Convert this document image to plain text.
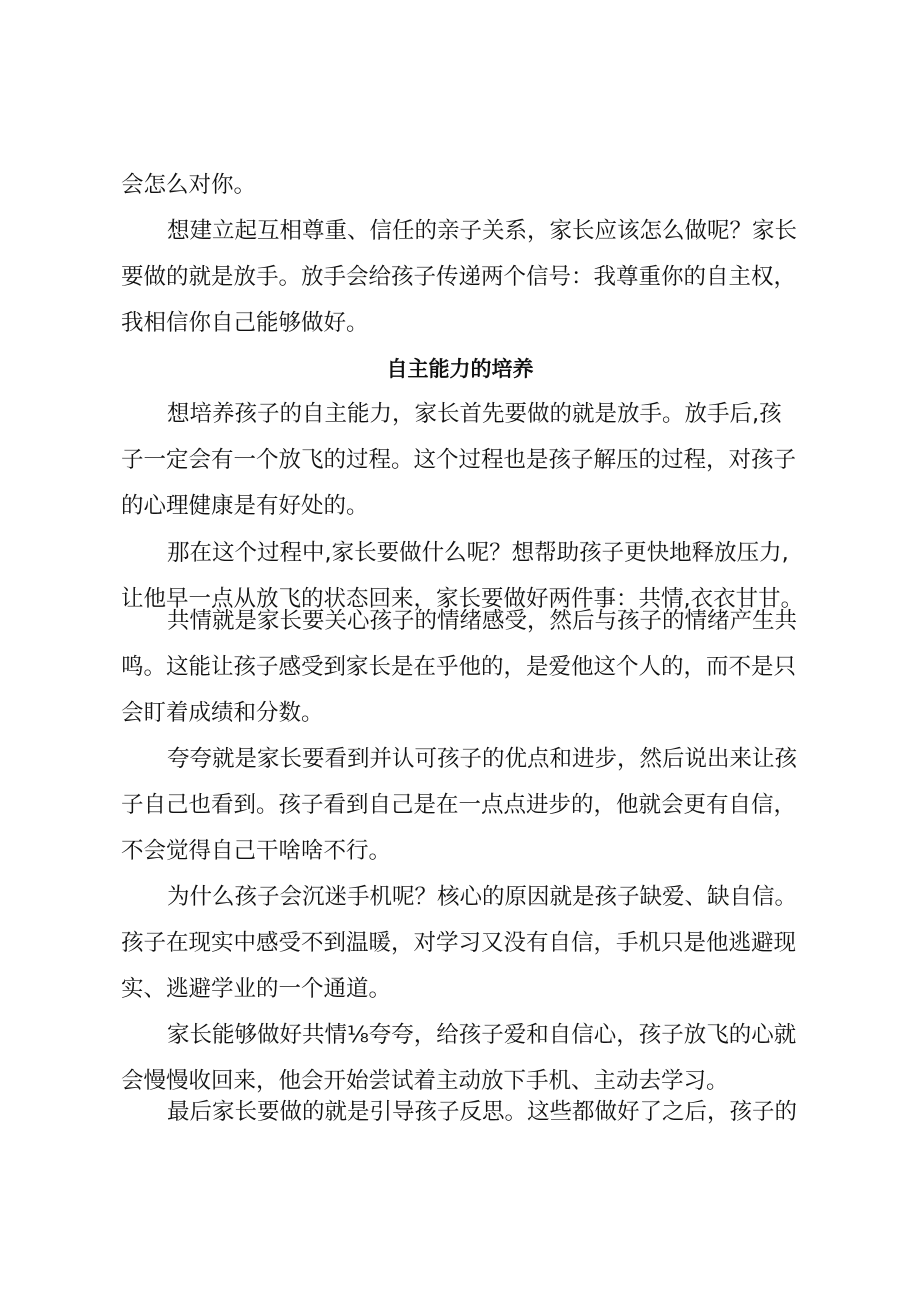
会怎么对你。
想建立起互相尊重、信任的亲子关系，家长应该怎么做呢？家长
要做的就是放手。放手会给孩子传递两个信号：我尊重你的自主权，
我相信你自己能够做好。
自主能力的培养
想培养孩子的自主能力，家长首先要做的就是放手。放手后,孩
子一定会有一个放飞的过程。这个过程也是孩子解压的过程，对孩子
的心理健康是有好处的。
那在这个过程中,家长要做什么呢？想帮助孩子更快地释放压力,
让他早一点从放飞的状态回来，家长要做好两件事：共情,衣衣甘甘。
共情就是家长要关心孩子的情绪感受，然后与孩子的情绪产生共
鸣。这能让孩子感受到家长是在乎他的，是爱他这个人的，而不是只
会盯着成绩和分数。
夸夸就是家长要看到并认可孩子的优点和进步，然后说出来让孩
子自己也看到。孩子看到自己是在一点点进步的，他就会更有自信，
不会觉得自己干啥啥不行。
为什么孩子会沉迷手机呢？核心的原因就是孩子缺爱、缺自信。
孩子在现实中感受不到温暖，对学习又没有自信，手机只是他逃避现
实、逃避学业的一个通道。
家长能够做好共情⅛夸夸，给孩子爱和自信心，孩子放飞的心就
会慢慢收回来，他会开始尝试着主动放下手机、主动去学习。
最后家长要做的就是引导孩子反思。这些都做好了之后，孩子的
